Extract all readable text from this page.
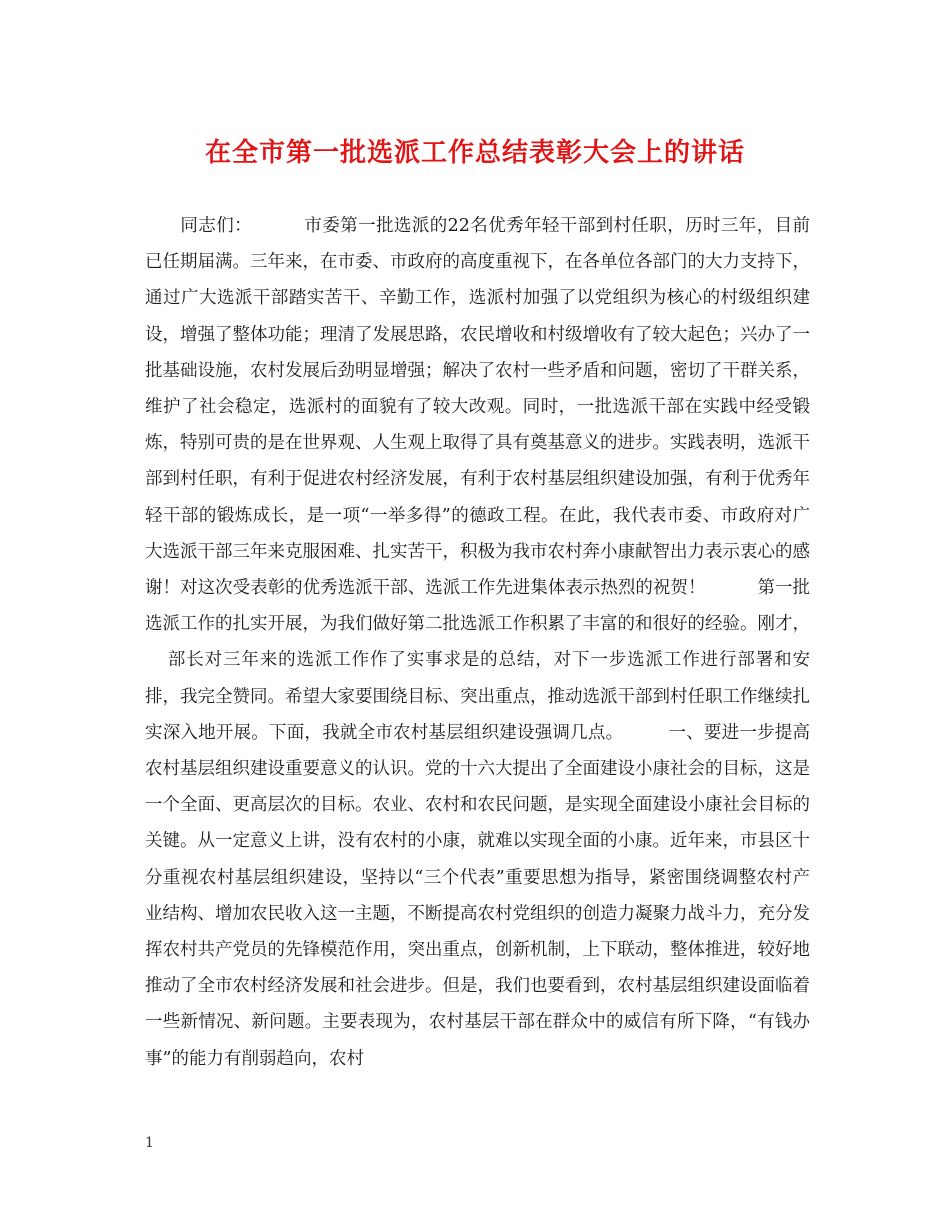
在全市第一批选派工作总结表彰大会上的讲话

同志们：	市委第一批选派的22名优秀年轻干部到村任职，历时三年，目前已任期届满。三年来，在市委、市政府的高度重视下，在各单位各部门的大力支持下，通过广大选派干部踏实苦干、辛勤工作，选派村加强了以党组织为核心的村级组织建设，增强了整体功能；理清了发展思路，农民增收和村级增收有了较大起色；兴办了一批基础设施，农村发展后劲明显增强；解决了农村一些矛盾和问题，密切了干群关系，维护了社会稳定，选派村的面貌有了较大改观。同时，一批选派干部在实践中经受锻炼，特别可贵的是在世界观、人生观上取得了具有奠基意义的进步。实践表明，选派干部到村任职，有利于促进农村经济发展，有利于农村基层组织建设加强，有利于优秀年轻干部的锻炼成长，是一项“一举多得”的德政工程。在此，我代表市委、市政府对广大选派干部三年来克服困难、扎实苦干，积极为我市农村奔小康献智出力表示衷心的感谢！对这次受表彰的优秀选派干部、选派工作先进集体表示热烈的祝贺！	第一批选派工作的扎实开展，为我们做好第二批选派工作积累了丰富的和很好的经验。刚才，部长对三年来的选派工作作了实事求是的总结，对下一步选派工作进行部署和安排，我完全赞同。希望大家要围绕目标、突出重点，推动选派干部到村任职工作继续扎实深入地开展。下面，我就全市农村基层组织建设强调几点。	一、要进一步提高农村基层组织建设重要意义的认识。党的十六大提出了全面建设小康社会的目标，这是一个全面、更高层次的目标。农业、农村和农民问题，是实现全面建设小康社会目标的关键。从一定意义上讲，没有农村的小康，就难以实现全面的小康。近年来，市县区十分重视农村基层组织建设，坚持以“三个代表”重要思想为指导，紧密围绕调整农村产业结构、增加农民收入这一主题，不断提高农村党组织的创造力凝聚力战斗力，充分发挥农村共产党员的先锋模范作用，突出重点，创新机制，上下联动，整体推进，较好地推动了全市农村经济发展和社会进步。但是，我们也要看到，农村基层组织建设面临着一些新情况、新问题。主要表现为，农村基层干部在群众中的威信有所下降，“有钱办事”的能力有削弱趋向，农村

1
